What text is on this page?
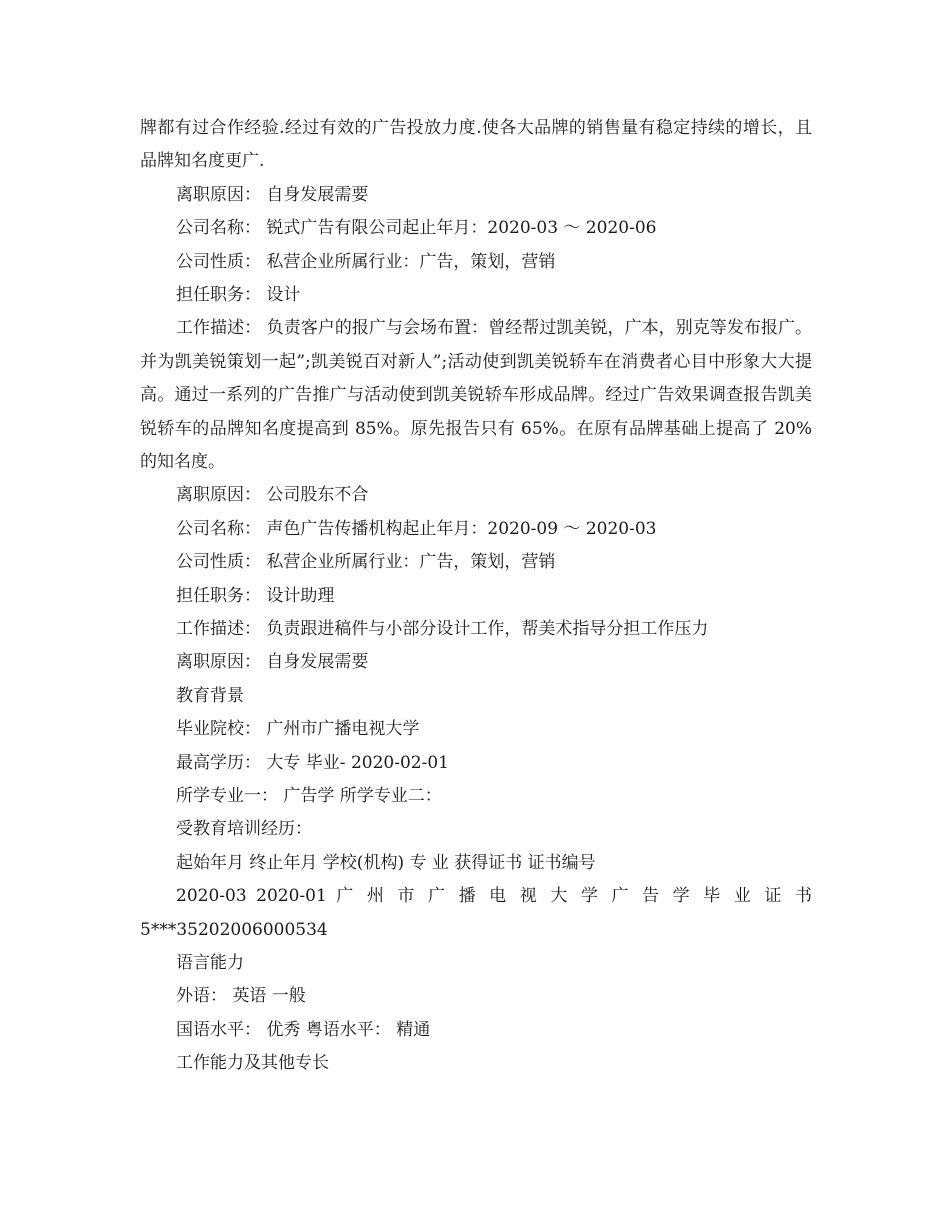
牌都有过合作经验.经过有效的广告投放力度.使各大品牌的销售量有稳定持续的增长，且品牌知名度更广.
离职原因： 自身发展需要
公司名称： 锐式广告有限公司起止年月：2020-03 ～ 2020-06
公司性质： 私营企业所属行业：广告，策划，营销
担任职务： 设计
工作描述： 负责客户的报广与会场布置：曾经帮过凯美锐，广本，别克等发布报广。并为凯美锐策划一起”;凯美锐百对新人”;活动使到凯美锐轿车在消费者心目中形象大大提高。通过一系列的广告推广与活动使到凯美锐轿车形成品牌。经过广告效果调查报告凯美锐轿车的品牌知名度提高到 85%。原先报告只有 65%。在原有品牌基础上提高了 20%的知名度。
离职原因： 公司股东不合
公司名称： 声色广告传播机构起止年月：2020-09 ～ 2020-03
公司性质： 私营企业所属行业：广告，策划，营销
担任职务： 设计助理
工作描述： 负责跟进稿件与小部分设计工作，帮美术指导分担工作压力
离职原因： 自身发展需要
教育背景
毕业院校： 广州市广播电视大学
最高学历： 大专 毕业- 2020-02-01
所学专业一： 广告学 所学专业二：
受教育培训经历：
起始年月 终止年月 学校(机构) 专 业 获得证书 证书编号
2020-03 2020-01 广 州 市 广 播 电 视 大 学 广 告 学 毕 业 证 书
5***35202006000534
语言能力
外语： 英语 一般
国语水平： 优秀 粤语水平： 精通
工作能力及其他专长
